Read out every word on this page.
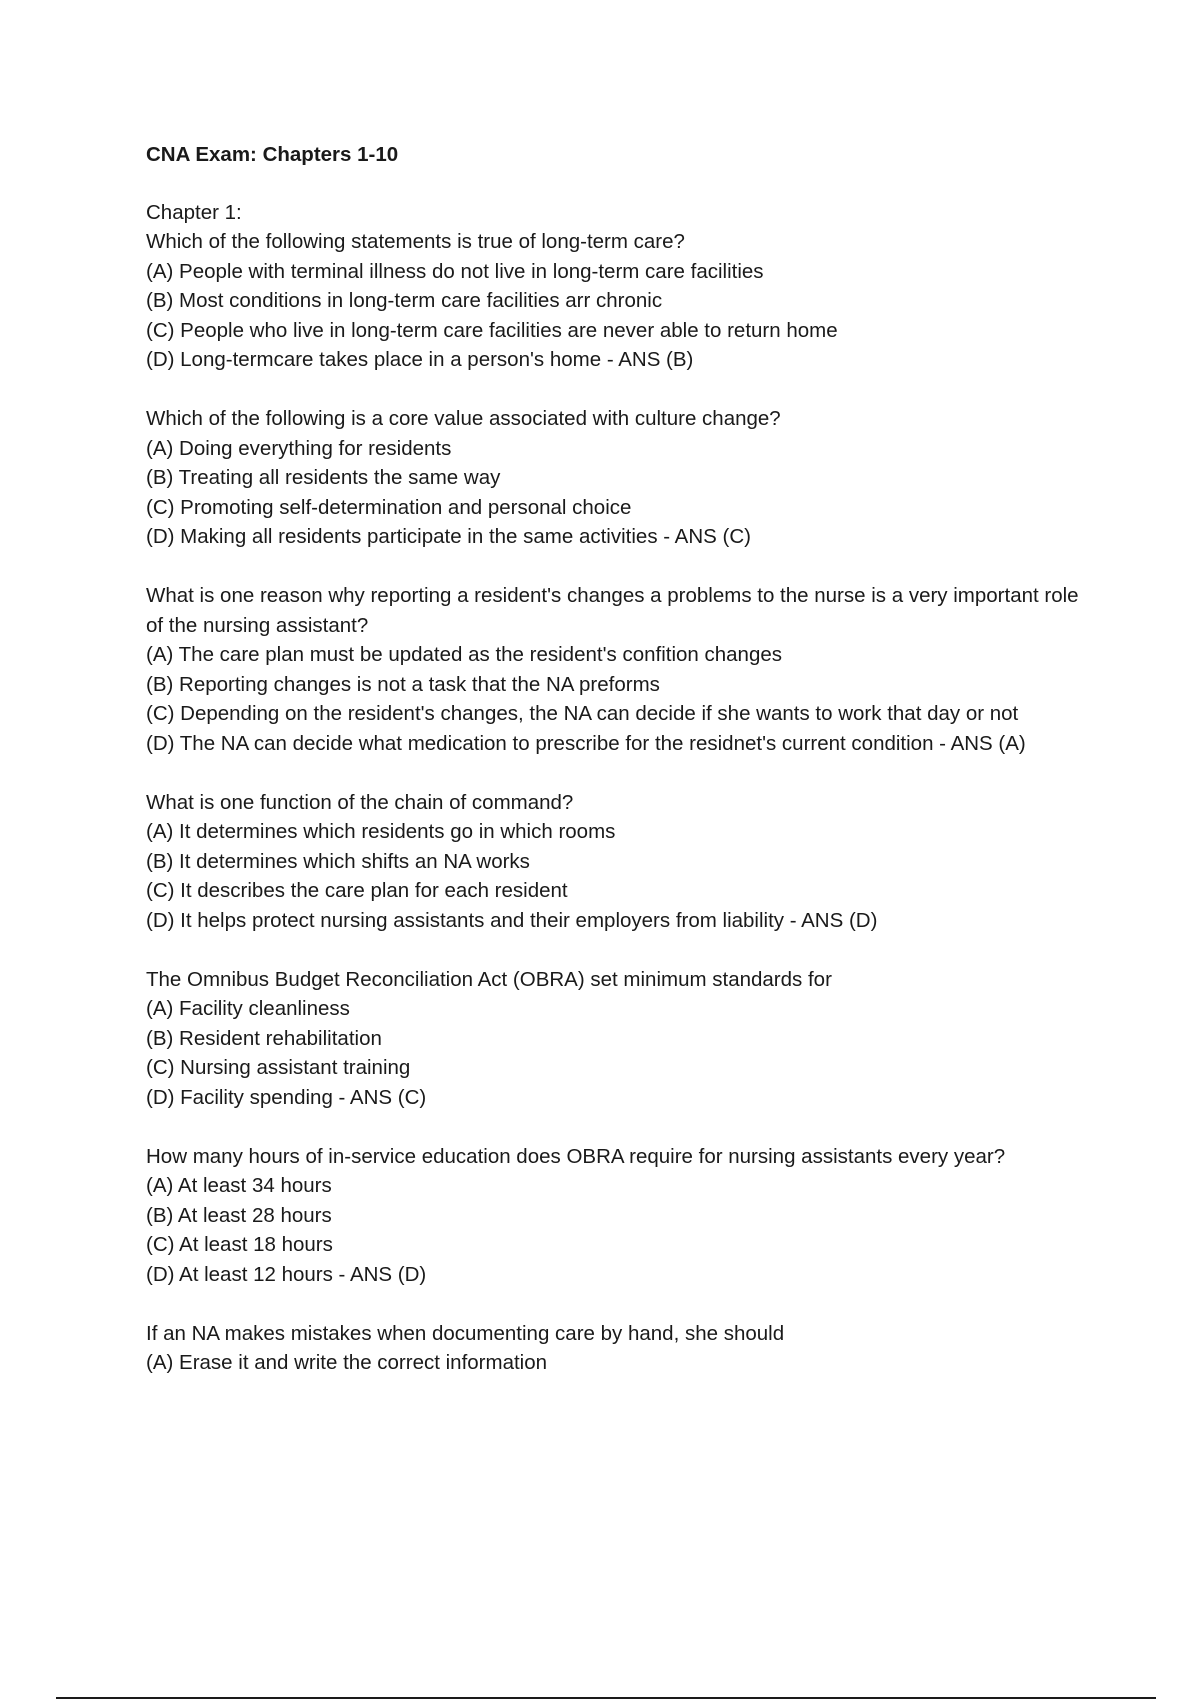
CNA Exam: Chapters 1-10

Chapter 1:

Which of the following statements is true of long-term care?

(A) People with terminal illness do not live in long-term care facilities

(B) Most conditions in long-term care facilities arr chronic

(C) People who live in long-term care facilities are never able to return home

(D) Long-termcare takes place in a person's home - ANS (B)

Which of the following is a core value associated with culture change?

(A) Doing everything for residents

(B) Treating all residents the same way

(C) Promoting self-determination and personal choice

(D) Making all residents participate in the same activities - ANS (C)

What is one reason why reporting a resident's changes a problems to the nurse is a very important role of the nursing assistant?

(A) The care plan must be updated as the resident's confition changes

(B) Reporting changes is not a task that the NA preforms

(C) Depending on the resident's changes, the NA can decide if she wants to work that day or not

(D) The NA can decide what medication to prescribe for the residnet's current condition - ANS (A)

What is one function of the chain of command?

(A) It determines which residents go in which rooms

(B) It determines which shifts an NA works

(C) It describes the care plan for each resident

(D) It helps protect nursing assistants and their employers from liability - ANS (D)

The Omnibus Budget Reconciliation Act (OBRA) set minimum standards for

(A) Facility cleanliness

(B) Resident rehabilitation

(C) Nursing assistant training

(D) Facility spending - ANS (C)

How many hours of in-service education does OBRA require for nursing assistants every year?

(A) At least 34 hours

(B) At least 28 hours

(C) At least 18 hours

(D) At least 12 hours - ANS (D)

If an NA makes mistakes when documenting care by hand, she should

(A) Erase it and write the correct information
